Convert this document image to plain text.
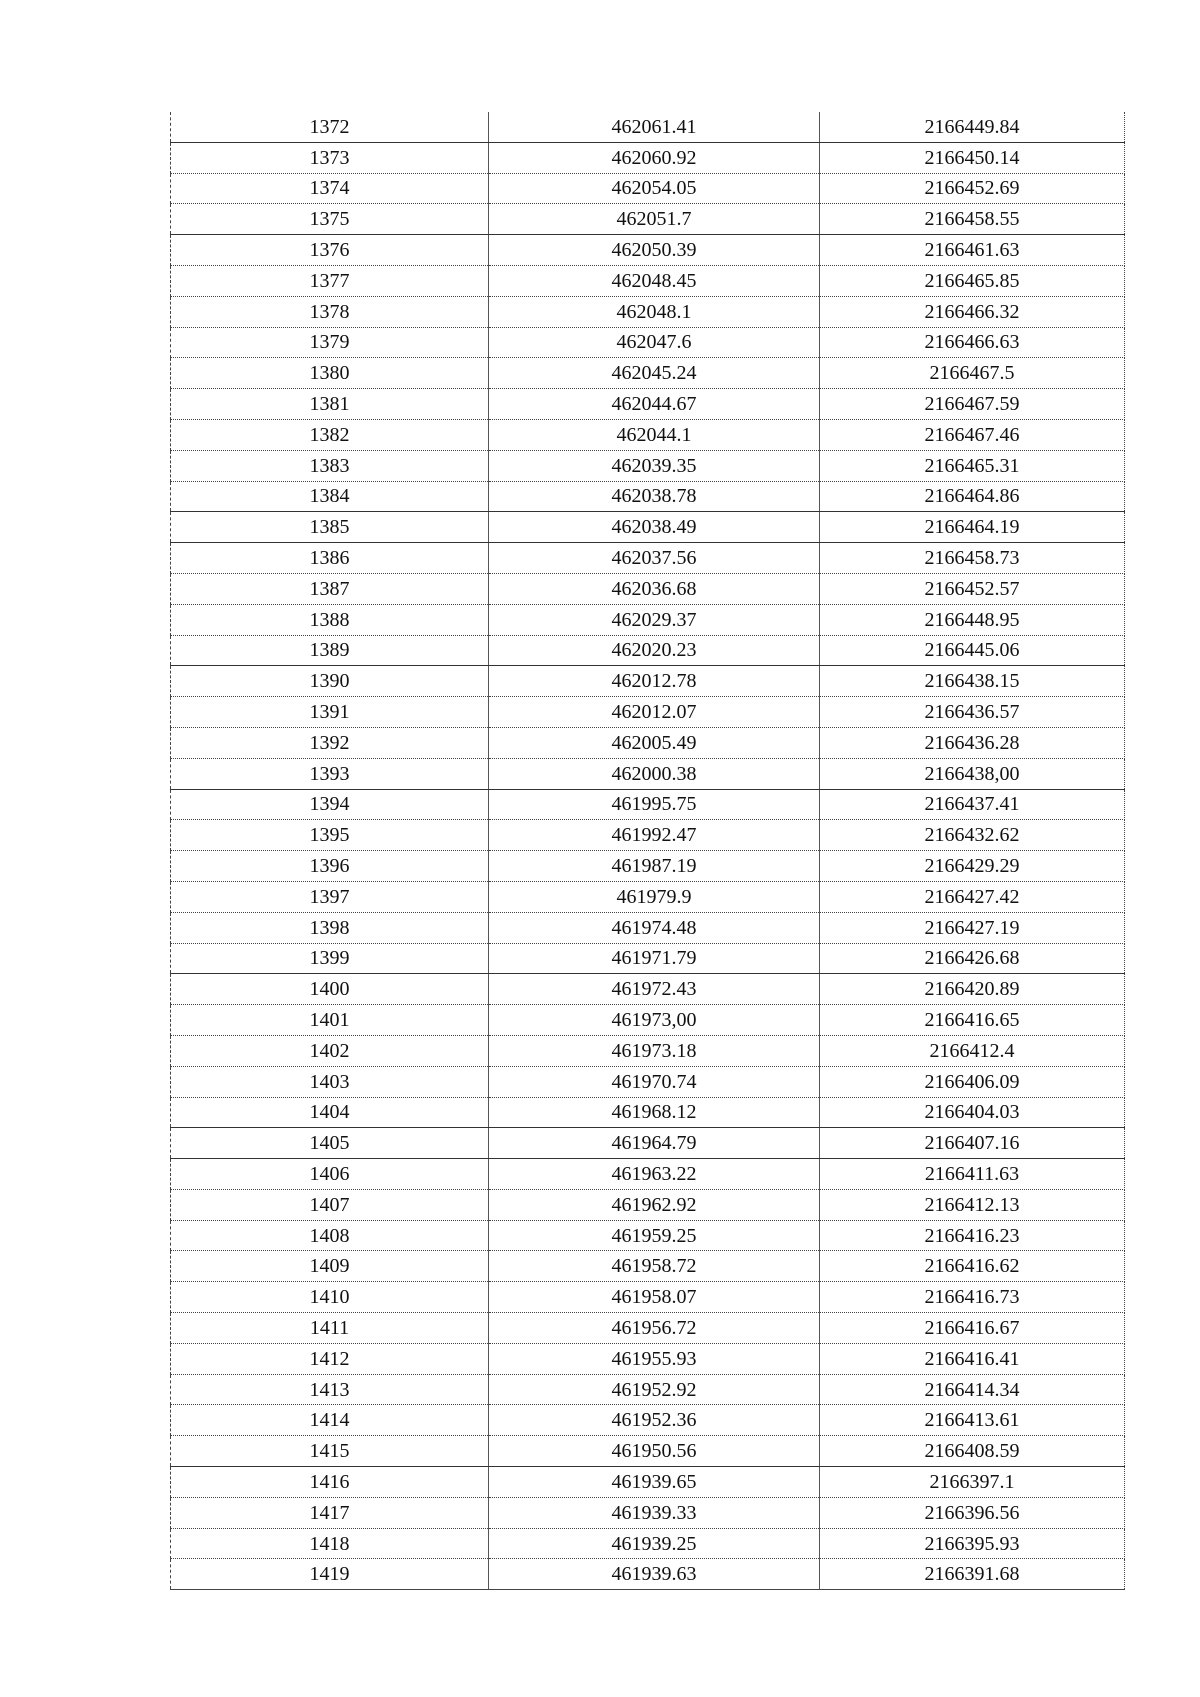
1372	462061.41	2166449.84
1373	462060.92	2166450.14
1374	462054.05	2166452.69
1375	462051.7	2166458.55
1376	462050.39	2166461.63
1377	462048.45	2166465.85
1378	462048.1	2166466.32
1379	462047.6	2166466.63
1380	462045.24	2166467.5
1381	462044.67	2166467.59
1382	462044.1	2166467.46
1383	462039.35	2166465.31
1384	462038.78	2166464.86
1385	462038.49	2166464.19
1386	462037.56	2166458.73
1387	462036.68	2166452.57
1388	462029.37	2166448.95
1389	462020.23	2166445.06
1390	462012.78	2166438.15
1391	462012.07	2166436.57
1392	462005.49	2166436.28
1393	462000.38	2166438,00
1394	461995.75	2166437.41
1395	461992.47	2166432.62
1396	461987.19	2166429.29
1397	461979.9	2166427.42
1398	461974.48	2166427.19
1399	461971.79	2166426.68
1400	461972.43	2166420.89
1401	461973,00	2166416.65
1402	461973.18	2166412.4
1403	461970.74	2166406.09
1404	461968.12	2166404.03
1405	461964.79	2166407.16
1406	461963.22	2166411.63
1407	461962.92	2166412.13
1408	461959.25	2166416.23
1409	461958.72	2166416.62
1410	461958.07	2166416.73
1411	461956.72	2166416.67
1412	461955.93	2166416.41
1413	461952.92	2166414.34
1414	461952.36	2166413.61
1415	461950.56	2166408.59
1416	461939.65	2166397.1
1417	461939.33	2166396.56
1418	461939.25	2166395.93
1419	461939.63	2166391.68
